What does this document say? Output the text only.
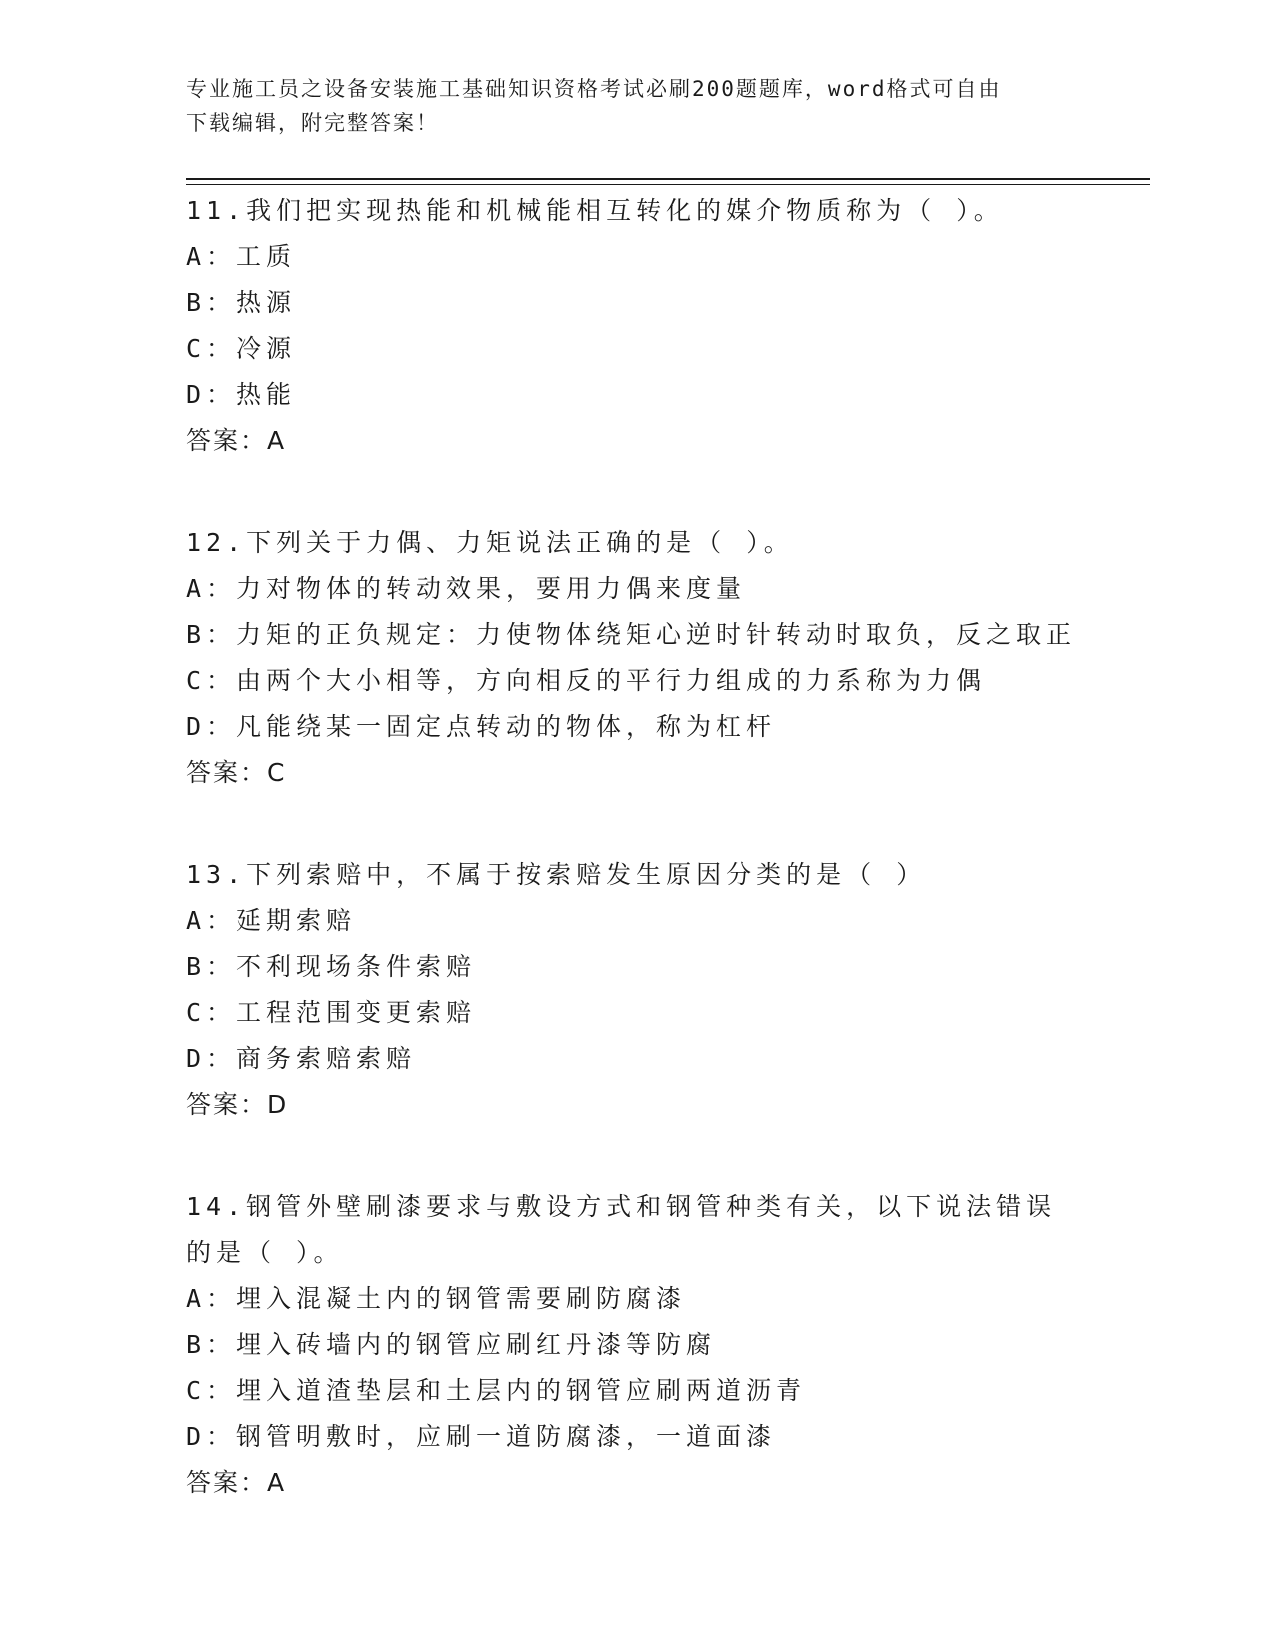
专业施工员之设备安装施工基础知识资格考试必刷200题题库，word格式可自由
下载编辑，附完整答案！
11.我们把实现热能和机械能相互转化的媒介物质称为（ ）。
A：工质
B：热源
C：冷源
D：热能
答案：A
12.下列关于力偶、力矩说法正确的是（ ）。
A：力对物体的转动效果，要用力偶来度量
B：力矩的正负规定：力使物体绕矩心逆时针转动时取负，反之取正
C：由两个大小相等，方向相反的平行力组成的力系称为力偶
D：凡能绕某一固定点转动的物体，称为杠杆
答案：C
13.下列索赔中，不属于按索赔发生原因分类的是（ ）
A：延期索赔
B：不利现场条件索赔
C：工程范围变更索赔
D：商务索赔索赔
答案：D
14.钢管外壁刷漆要求与敷设方式和钢管种类有关，以下说法错误的是（ ）。
A：埋入混凝土内的钢管需要刷防腐漆
B：埋入砖墙内的钢管应刷红丹漆等防腐
C：埋入道渣垫层和土层内的钢管应刷两道沥青
D：钢管明敷时，应刷一道防腐漆，一道面漆
答案：A
